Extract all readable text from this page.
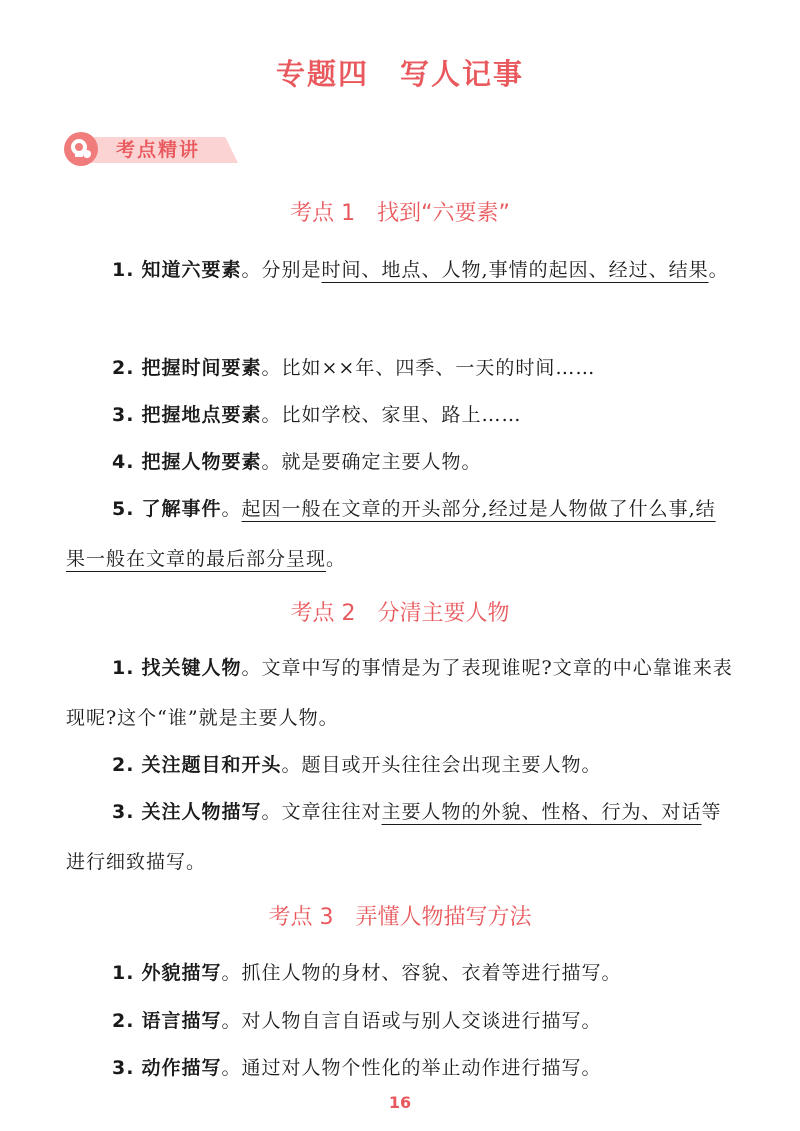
专题四　写人记事
考点精讲
考点 1　找到“六要素”
1. 知道六要素。分别是时间、地点、人物,事情的起因、经过、结果。
2. 把握时间要素。比如××年、四季、一天的时间……
3. 把握地点要素。比如学校、家里、路上……
4. 把握人物要素。就是要确定主要人物。
5. 了解事件。起因一般在文章的开头部分,经过是人物做了什么事,结果一般在文章的最后部分呈现。
考点 2　分清主要人物
1. 找关键人物。文章中写的事情是为了表现谁呢?文章的中心靠谁来表现呢?这个“谁”就是主要人物。
2. 关注题目和开头。题目或开头往往会出现主要人物。
3. 关注人物描写。文章往往对主要人物的外貌、性格、行为、对话等进行细致描写。
考点 3　弄懂人物描写方法
1. 外貌描写。抓住人物的身材、容貌、衣着等进行描写。
2. 语言描写。对人物自言自语或与别人交谈进行描写。
3. 动作描写。通过对人物个性化的举止动作进行描写。
16
